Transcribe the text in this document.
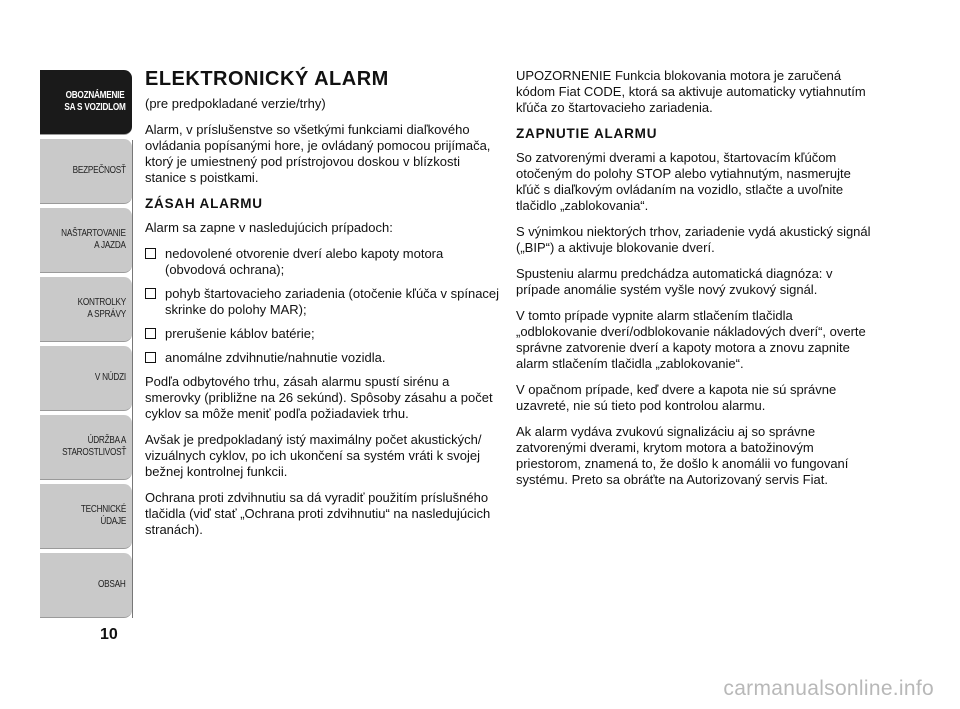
OBOZNÁMENIE
SA S VOZIDLOM
BEZPEČNOSŤ
NAŠTARTOVANIE
A JAZDA
KONTROLKY
A SPRÁVY
V NÚDZI
ÚDRŽBA A
STAROSTLIVOSŤ
TECHNICKÉ
ÚDAJE
OBSAH
10
ELEKTRONICKÝ ALARM

(pre predpokladané verzie/trhy)

Alarm, v príslušenstve so všetkými funkciami diaľkového ovládania popísanými hore, je ovládaný pomocou prijímača, ktorý je umiestnený pod prístrojovou doskou v blízkosti stanice s poistkami.

ZÁSAH ALARMU

Alarm sa zapne v nasledujúcich prípadoch:

nedovolené otvorenie dverí alebo kapoty motora (obvodová ochrana);
pohyb štartovacieho zariadenia (otočenie kľúča v spínacej skrinke do polohy MAR);
prerušenie káblov batérie;
anomálne zdvihnutie/nahnutie vozidla.

Podľa odbytového trhu, zásah alarmu spustí sirénu a smerovky (približne na 26 sekúnd). Spôsoby zásahu a počet cyklov sa môže meniť podľa požiadaviek trhu.

Avšak je predpokladaný istý maximálny počet akustických/ vizuálnych cyklov, po ich ukončení sa systém vráti k svojej bežnej kontrolnej funkcii.

Ochrana proti zdvihnutiu sa dá vyradiť použitím príslušného tlačidla (viď stať „Ochrana proti zdvihnutiu“ na nasledujúcich stranách).

UPOZORNENIE Funkcia blokovania motora je zaručená kódom Fiat CODE, ktorá sa aktivuje automaticky vytiahnutím kľúča zo štartovacieho zariadenia.

ZAPNUTIE ALARMU

So zatvorenými dverami a kapotou, štartovacím kľúčom otočeným do polohy STOP alebo vytiahnutým, nasmerujte kľúč s diaľkovým ovládaním na vozidlo, stlačte a uvoľnite tlačidlo „zablokovania“.

S výnimkou niektorých trhov, zariadenie vydá akustický signál („BIP“) a aktivuje blokovanie dverí.

Spusteniu alarmu predchádza automatická diagnóza: v prípade anomálie systém vyšle nový zvukový signál.

V tomto prípade vypnite alarm stlačením tlačidla „odblokovanie dverí/odblokovanie nákladových dverí“, overte správne zatvorenie dverí a kapoty motora a znovu zapnite alarm stlačením tlačidla „zablokovanie“.

V opačnom prípade, keď dvere a kapota nie sú správne uzavreté, nie sú tieto pod kontrolou alarmu.

Ak alarm vydáva zvukovú signalizáciu aj so správne zatvorenými dverami, krytom motora a batožinovým priestorom, znamená to, že došlo k anomálii vo fungovaní systému. Preto sa obráťte na Autorizovaný servis Fiat.

carmanualsonline.info
